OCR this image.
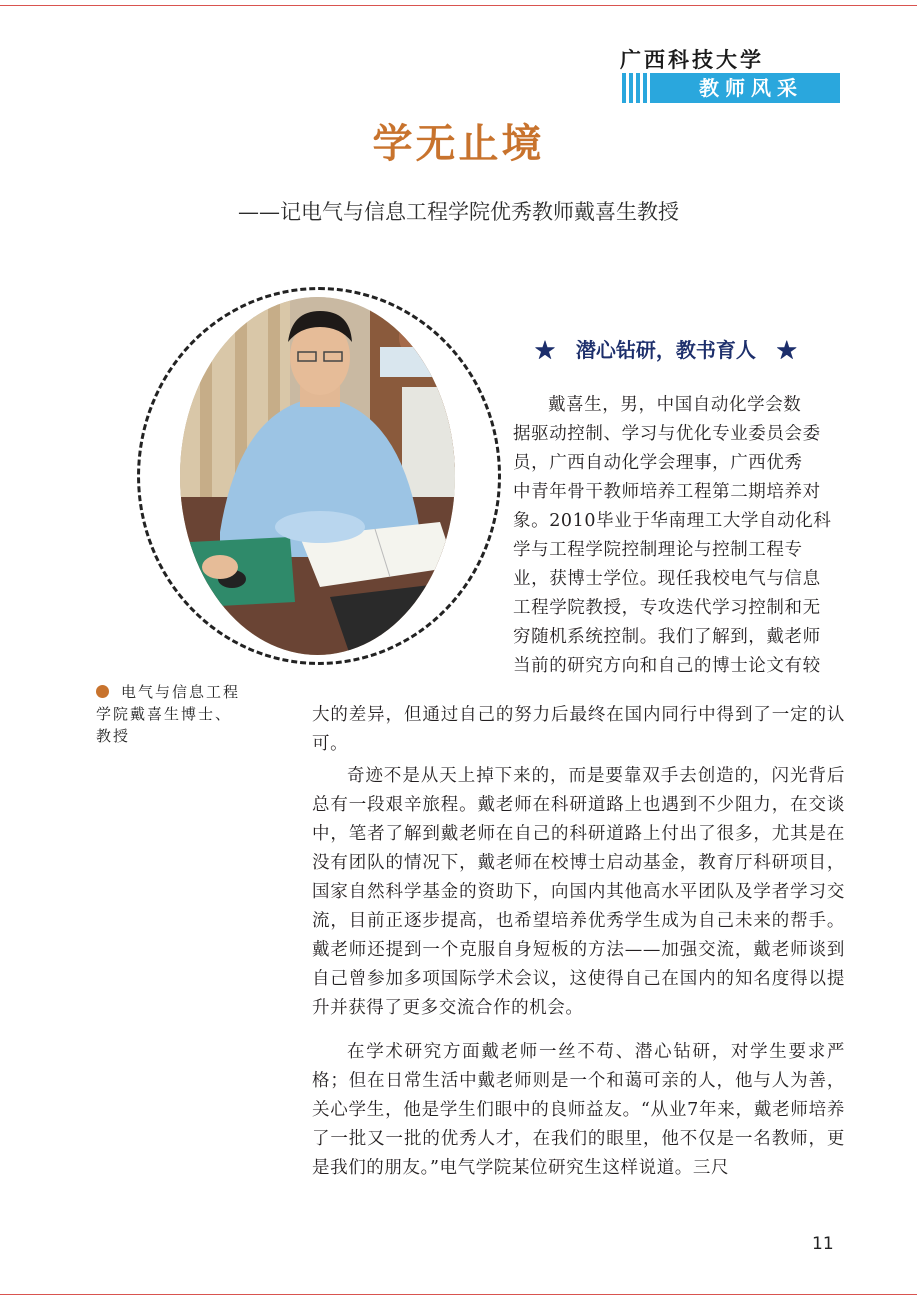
广西科技大学
教师风采
学无止境
——记电气与信息工程学院优秀教师戴喜生教授
电气与信息工程学院戴喜生博士、教授
★ 潜心钻研，教书育人 ★
戴喜生，男，中国自动化学会数
据驱动控制、学习与优化专业委员会委
员，广西自动化学会理事，广西优秀
中青年骨干教师培养工程第二期培养对
象。2010毕业于华南理工大学自动化科
学与工程学院控制理论与控制工程专
业，获博士学位。现任我校电气与信息
工程学院教授，专攻迭代学习控制和无
穷随机系统控制。我们了解到，戴老师
当前的研究方向和自己的博士论文有较
大的差异，但通过自己的努力后最终在国内同行中得到了一定的认可。
奇迹不是从天上掉下来的，而是要靠双手去创造的，闪光背后总有一段艰辛旅程。戴老师在科研道路上也遇到不少阻力，在交谈中，笔者了解到戴老师在自己的科研道路上付出了很多，尤其是在没有团队的情况下，戴老师在校博士启动基金，教育厅科研项目，国家自然科学基金的资助下，向国内其他高水平团队及学者学习交流，目前正逐步提高，也希望培养优秀学生成为自己未来的帮手。戴老师还提到一个克服自身短板的方法——加强交流，戴老师谈到自己曾参加多项国际学术会议，这使得自己在国内的知名度得以提升并获得了更多交流合作的机会。
在学术研究方面戴老师一丝不苟、潜心钻研，对学生要求严格；但在日常生活中戴老师则是一个和蔼可亲的人，他与人为善，关心学生，他是学生们眼中的良师益友。“从业7年来，戴老师培养了一批又一批的优秀人才，在我们的眼里，他不仅是一名教师，更是我们的朋友。”电气学院某位研究生这样说道。三尺
11
